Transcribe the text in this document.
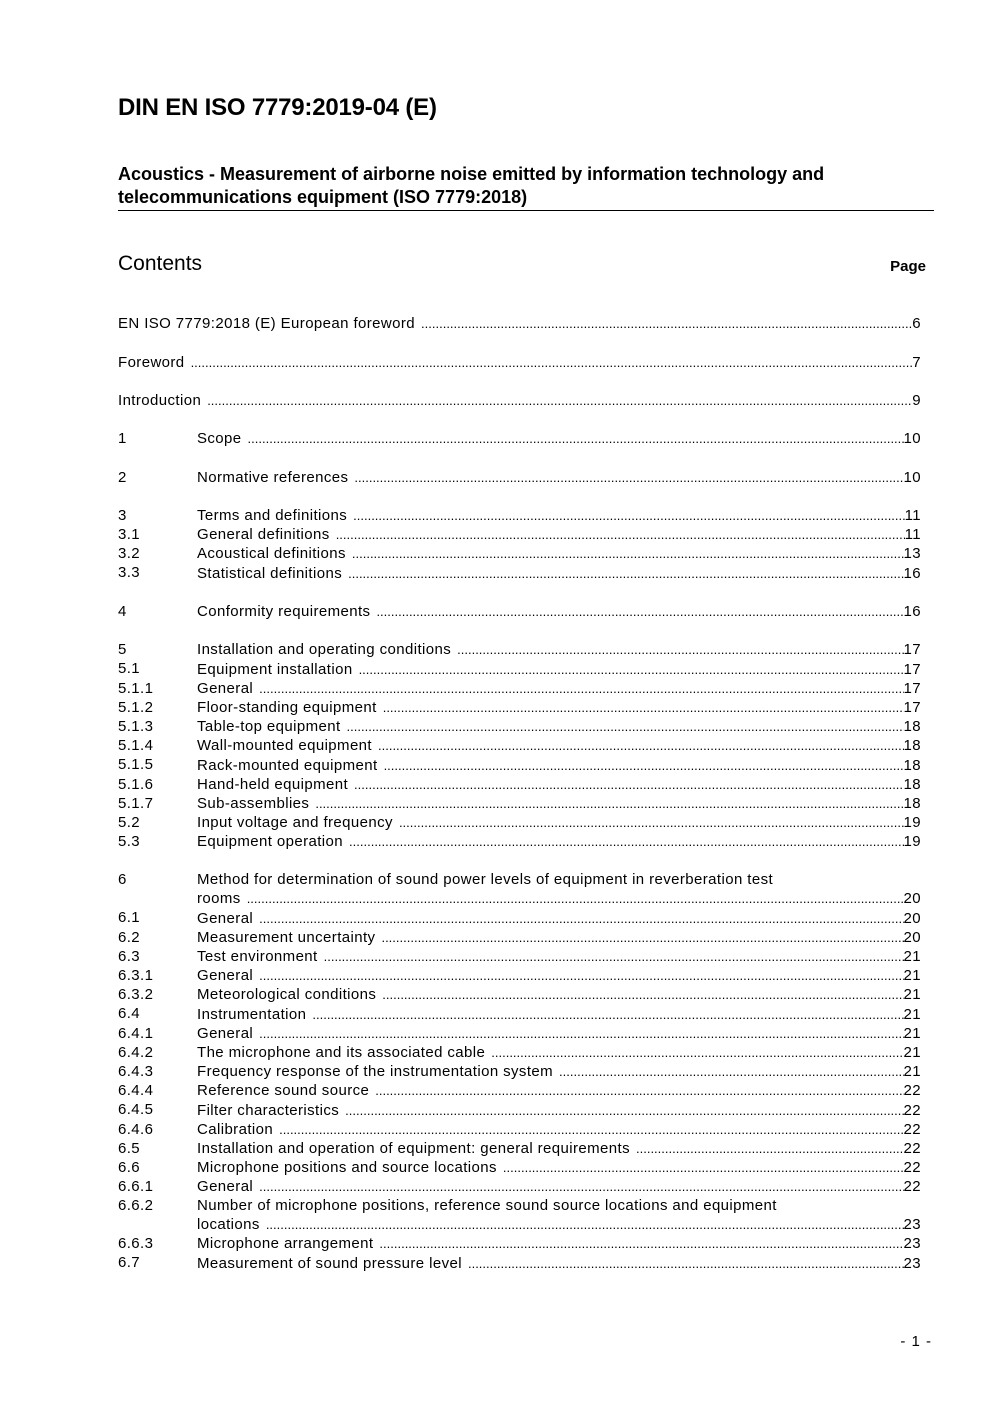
DIN EN ISO 7779:2019-04 (E)
Acoustics - Measurement of airborne noise emitted by information technology and telecommunications equipment (ISO 7779:2018)
Contents	Page
EN ISO 7779:2018 (E) European foreword .....	6
Foreword .....	7
Introduction .....	9
1	Scope .....	10
2	Normative references .....	10
3	Terms and definitions .....	11
3.1	General definitions .....	11
3.2	Acoustical definitions .....	13
3.3	Statistical definitions .....	16
4	Conformity requirements .....	16
5	Installation and operating conditions .....	17
5.1	Equipment installation .....	17
5.1.1	General .....	17
5.1.2	Floor-standing equipment .....	17
5.1.3	Table-top equipment .....	18
5.1.4	Wall-mounted equipment .....	18
5.1.5	Rack-mounted equipment .....	18
5.1.6	Hand-held equipment .....	18
5.1.7	Sub-assemblies .....	18
5.2	Input voltage and frequency .....	19
5.3	Equipment operation .....	19
6	Method for determination of sound power levels of equipment in reverberation test
rooms .....	20
6.1	General .....	20
6.2	Measurement uncertainty .....	20
6.3	Test environment .....	21
6.3.1	General .....	21
6.3.2	Meteorological conditions .....	21
6.4	Instrumentation .....	21
6.4.1	General .....	21
6.4.2	The microphone and its associated cable .....	21
6.4.3	Frequency response of the instrumentation system .....	21
6.4.4	Reference sound source .....	22
6.4.5	Filter characteristics .....	22
6.4.6	Calibration .....	22
6.5	Installation and operation of equipment: general requirements .....	22
6.6	Microphone positions and source locations .....	22
6.6.1	General .....	22
6.6.2	Number of microphone positions, reference sound source locations and equipment
locations .....	23
6.6.3	Microphone arrangement .....	23
6.7	Measurement of sound pressure level .....	23
- 1 -
